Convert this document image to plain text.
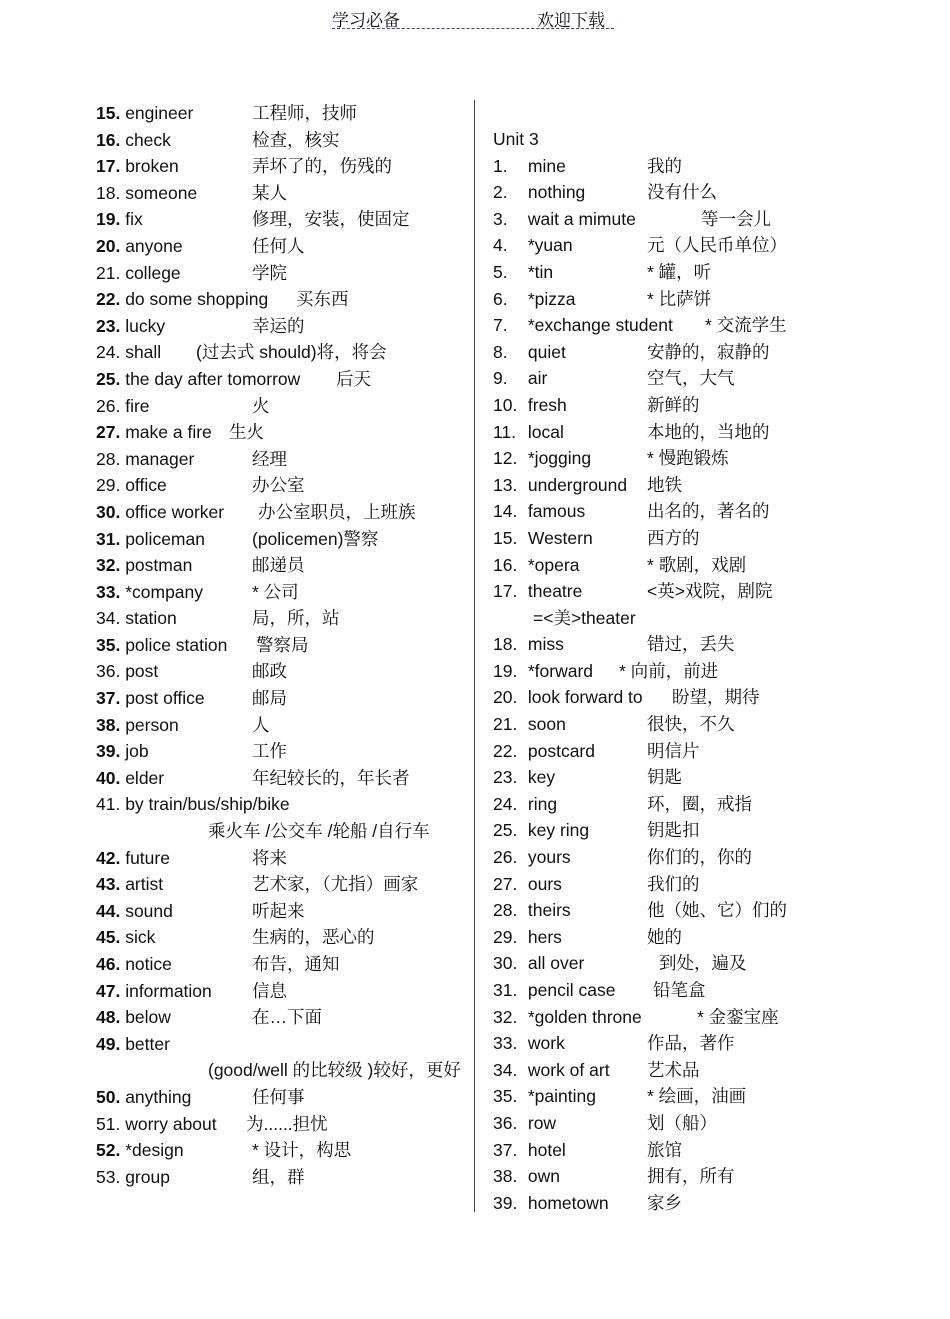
学习必备	欢迎下载
15. engineer	工程师，技师
16. check	检查，核实
17. broken	弄坏了的，伤残的
18. someone	某人
19. fix	修理，安装，使固定
20. anyone	任何人
21. college	学院
22. do some shopping 买东西
23. lucky	幸运的
24. shall (过去式 should)将，将会
25. the day after tomorrow 后天
26. fire	火
27. make a fire 生火
28. manager	经理
29. office	办公室
30. office worker 办公室职员，上班族
31. policeman	(policemen)警察
32. postman	邮递员
33. *company	* 公司
34. station	局，所，站
35. police station 警察局
36. post	邮政
37. post office	邮局
38. person	人
39. job	工作
40. elder	年纪较长的，年长者
41. by train/bus/ship/bike
乘火车 /公交车 /轮船 /自行车
42. future	将来
43. artist	艺术家，（尤指）画家
44. sound	听起来
45. sick	生病的，恶心的
46. notice	布告，通知
47. information 信息
48. below	在…下面
49. better
(good/well 的比较级 )较好，更好
50. anything	任何事
51. worry about 为......担忧
52. *design	* 设计，构思
53. group	组，群
Unit 3
1. mine	我的
2. nothing	没有什么
3. wait a mimute	等一会儿
4. *yuan	元（人民币单位）
5. *tin	* 罐，听
6. *pizza	* 比萨饼
7. *exchange student * 交流学生
8. quiet	安静的，寂静的
9. air	空气，大气
10. fresh	新鲜的
11. local	本地的，当地的
12. *jogging	* 慢跑锻炼
13. underground 地铁
14. famous	出名的，著名的
15. Western	西方的
16. *opera	* 歌剧，戏剧
17. theatre	<英>戏院，剧院
=<美>theater
18. miss	错过，丢失
19. *forward * 向前，前进
20. look forward to 盼望，期待
21. soon	很快，不久
22. postcard	明信片
23. key	钥匙
24. ring	环，圈，戒指
25. key ring	钥匙扣
26. yours	你们的，你的
27. ours	我们的
28. theirs	他（她、它）们的
29. hers	她的
30. all over	到处，遍及
31. pencil case 铅笔盒
32. *golden throne	* 金銮宝座
33. work	作品，著作
34. work of art 艺术品
35. *painting	* 绘画，油画
36. row	划（船）
37. hotel	旅馆
38. own	拥有，所有
39. hometown 家乡
